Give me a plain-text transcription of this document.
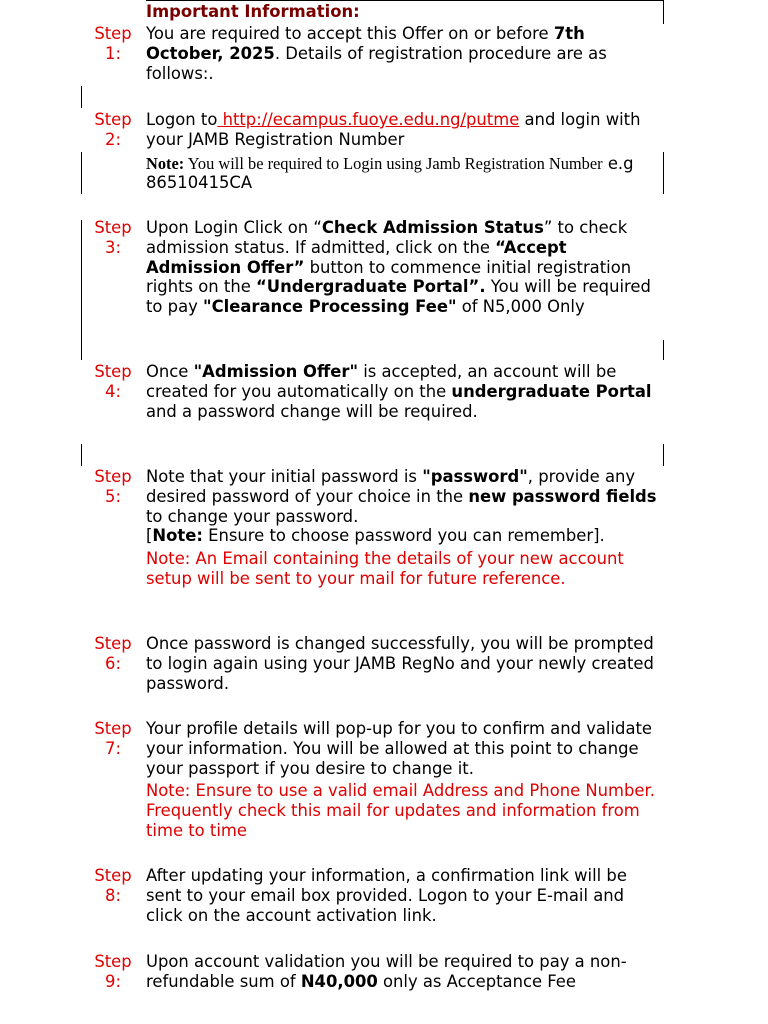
Important Information:
Step 1:
You are required to accept this Offer on or before 7th October, 2025. Details of registration procedure are as follows:.
Step 2:

Logon to http://ecampus.fuoye.edu.ng/putme and login with your JAMB Registration Number

Note: You will be required to Login using Jamb Registration Number e.g 86510415CA

Step 3:
Upon Login Click on “Check Admission Status” to check admission status. If admitted, click on the “Accept Admission Offer” button to commence initial registration rights on the “Undergraduate Portal”. You will be required to pay "Clearance Processing Fee" of N5,000 Only
Step 4:
Once "Admission Offer" is accepted, an account will be created for you automatically on the undergraduate Portal and a password change will be required.
Step 5:

Note that your initial password is "password", provide any desired password of your choice in the new password fields to change your password.
[Note: Ensure to choose password you can remember].

Note: An Email containing the details of your new account setup will be sent to your mail for future reference.

Step 6:
Once password is changed successfully, you will be prompted to login again using your JAMB RegNo and your newly created password.
Step 7:

Your profile details will pop-up for you to confirm and validate your information. You will be allowed at this point to change your passport if you desire to change it.

Note: Ensure to use a valid email Address and Phone Number. Frequently check this mail for updates and information from time to time

Step 8:
After updating your information, a confirmation link will be sent to your email box provided. Logon to your E-mail and click on the account activation link.
Step 9:
Upon account validation you will be required to pay a non-refundable sum of N40,000 only as Acceptance Fee
